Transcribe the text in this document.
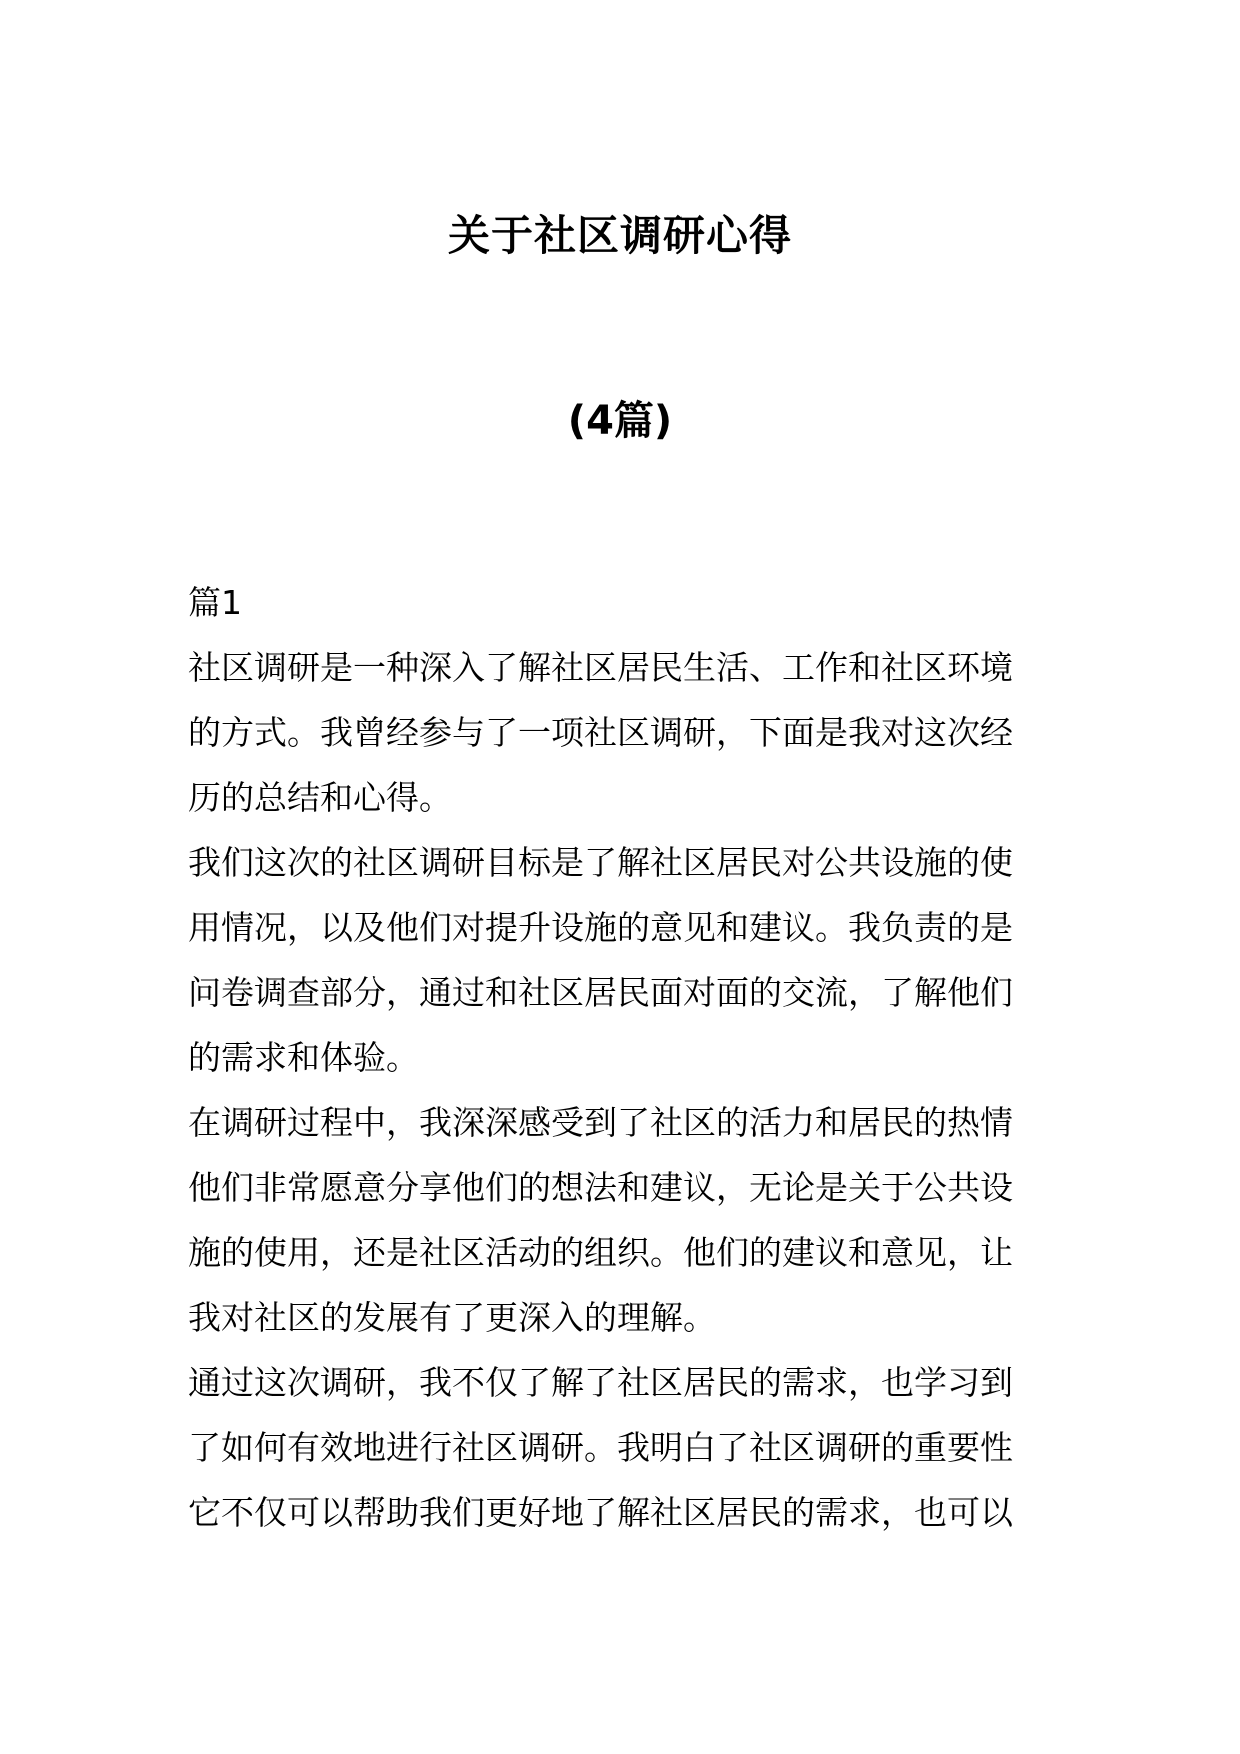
关于社区调研心得
(4篇)
篇1
社区调研是一种深入了解社区居民生活、工作和社区环境
的方式。我曾经参与了一项社区调研，下面是我对这次经
历的总结和心得。
我们这次的社区调研目标是了解社区居民对公共设施的使
用情况，以及他们对提升设施的意见和建议。我负责的是
问卷调查部分，通过和社区居民面对面的交流，了解他们
的需求和体验。
在调研过程中，我深深感受到了社区的活力和居民的热情
他们非常愿意分享他们的想法和建议，无论是关于公共设
施的使用，还是社区活动的组织。他们的建议和意见，让
我对社区的发展有了更深入的理解。
通过这次调研，我不仅了解了社区居民的需求，也学习到
了如何有效地进行社区调研。我明白了社区调研的重要性
它不仅可以帮助我们更好地了解社区居民的需求，也可以
